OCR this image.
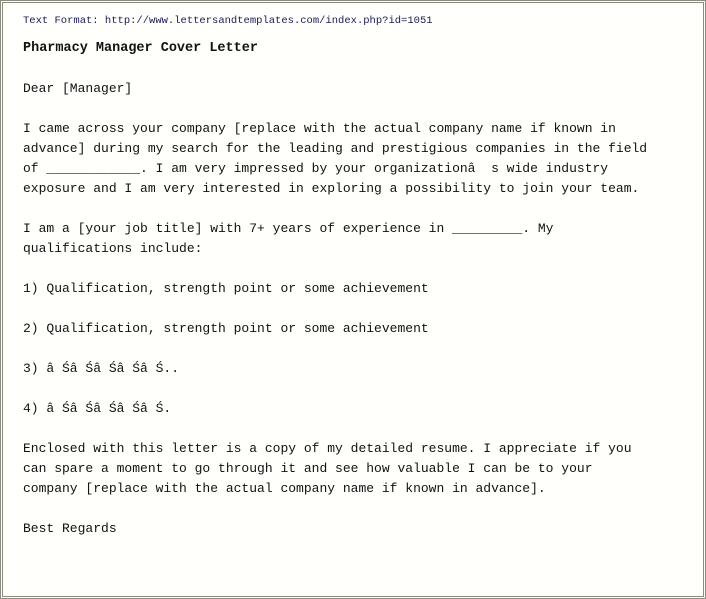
Text Format: http://www.lettersandtemplates.com/index.php?id=1051
Pharmacy Manager Cover Letter

Dear [Manager]

I came across your company [replace with the actual company name if known in
advance] during my search for the leading and prestigious companies in the field
of ____________. I am very impressed by your organizationâ  s wide industry
exposure and I am very interested in exploring a possibility to join your team.

I am a [your job title] with 7+ years of experience in _________. My
qualifications include:

1) Qualification, strength point or some achievement

2) Qualification, strength point or some achievement

3) â Śâ Śâ Śâ Śâ Ś..

4) â Śâ Śâ Śâ Śâ Ś.

Enclosed with this letter is a copy of my detailed resume. I appreciate if you
can spare a moment to go through it and see how valuable I can be to your
company [replace with the actual company name if known in advance].

Best Regards
